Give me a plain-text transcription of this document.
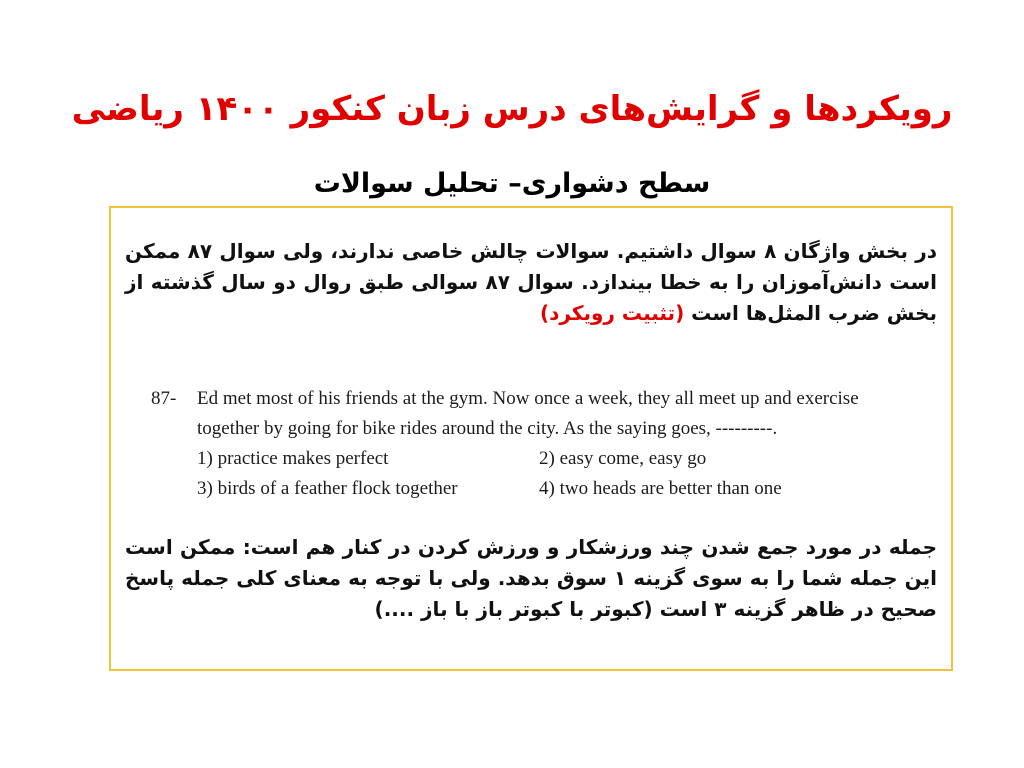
رویکردها و گرایش‌های درس زبان کنکور ۱۴۰۰ ریاضی
سطح دشواری– تحلیل سوالات

در بخش واژگان ۸ سوال داشتیم. سوالات چالش خاصی ندارند، ولی سوال ۸۷ ممکن است دانش‌آموزان را به خطا بیندازد. سوال ۸۷ سوالی طبق روال دو سال گذشته از بخش ضرب المثل‌ها است (تثبیت رویکرد)

87-	Ed met most of his friends at the gym. Now once a week, they all meet up and exercise
together by going for bike rides around the city. As the saying goes, ---------.
1) practice makes perfect	2) easy come, easy go
3) birds of a feather flock together	4) two heads are better than one

جمله در مورد جمع شدن چند ورزشکار و ورزش کردن در کنار هم است: ممکن است این جمله شما را به سوی گزینه ۱ سوق بدهد. ولی با توجه به معنای کلی جمله پاسخ صحیح در ظاهر گزینه ۳ است (کبوتر با کبوتر باز با باز ....)
